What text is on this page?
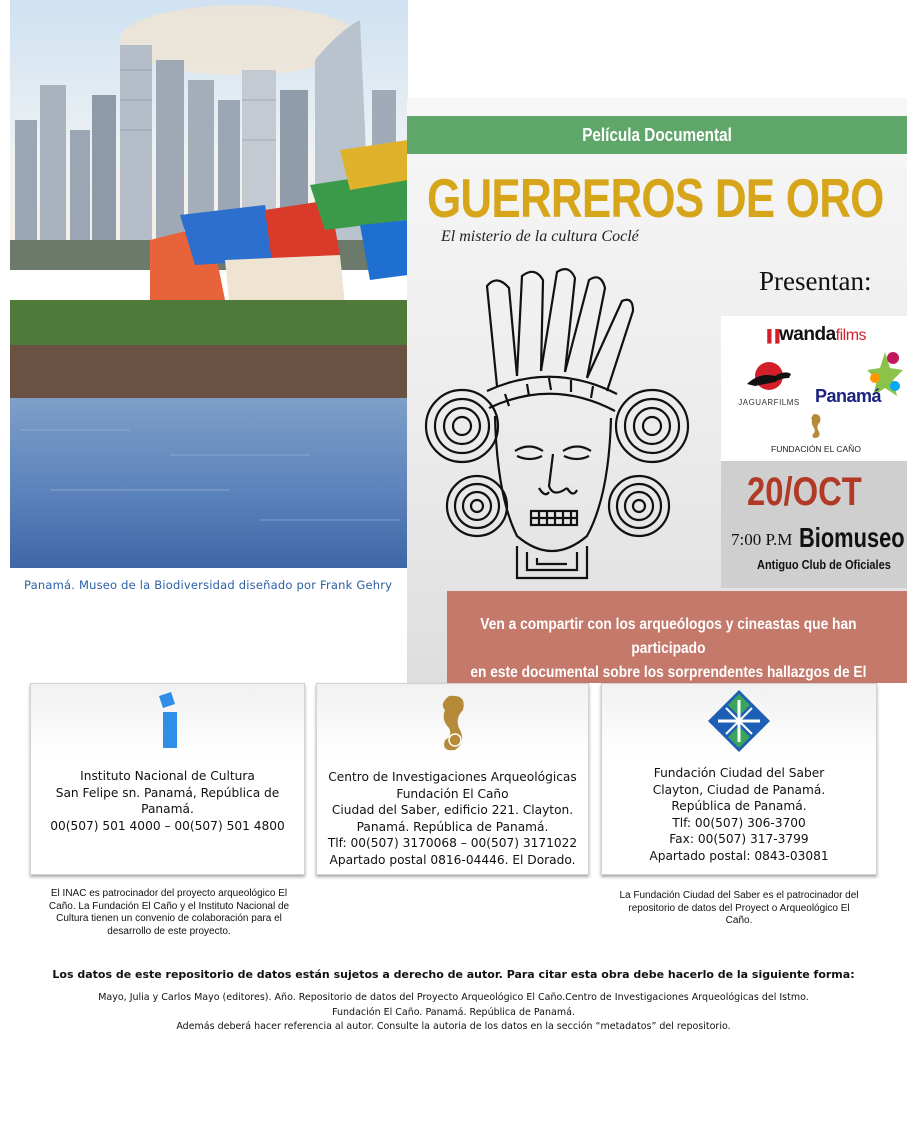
Panamá. Museo de la Biodiversidad diseñado por Frank Gehry
Película Documental
GUERREROS DE ORO
El misterio de la cultura Coclé
Presentan:
▐▐wandafilms
JAGUARFILMS Panamá
FUNDACIÓN EL CAÑO
20/OCT
7:00 P.M Biomuseo
Antiguo Club de Oficiales
Ven a compartir con los arqueólogos y cineastas que han participado
en este documental sobre los sorprendentes hallazgos de El
Instituto Nacional de Cultura
San Felipe sn. Panamá, República de Panamá.
00(507) 501 4000 – 00(507) 501 4800
Centro de Investigaciones Arqueológicas
Fundación El Caño
Ciudad del Saber, edificio 221. Clayton.
Panamá. República de Panamá.
Tlf: 00(507) 3170068 – 00(507) 3171022
Apartado postal 0816-04446. El Dorado.
Fundación Ciudad del Saber
Clayton, Ciudad de Panamá.
República de Panamá.
Tlf: 00(507) 306-3700
Fax: 00(507) 317-3799
Apartado postal: 0843-03081
El INAC es patrocinador del proyecto arqueológico El
Caño. La Fundación El Caño y el Instituto Nacional de
Cultura tienen un convenio de colaboración para el
desarrollo de este proyecto.
La Fundación Ciudad del Saber es el patrocinador del
repositorio de datos del Proyect o Arqueológico El
Caño.
Los datos de este repositorio de datos están sujetos a derecho de autor. Para citar esta obra debe hacerlo de la siguiente forma:
Mayo, Julia y Carlos Mayo (editores). Año. Repositorio de datos del Proyecto Arqueológico El Caño.Centro de Investigaciones Arqueológicas del Istmo.
Fundación El Caño. Panamá. República de Panamá.
Además deberá hacer referencia al autor. Consulte la autoria de los datos en la sección “metadatos” del repositorio.
